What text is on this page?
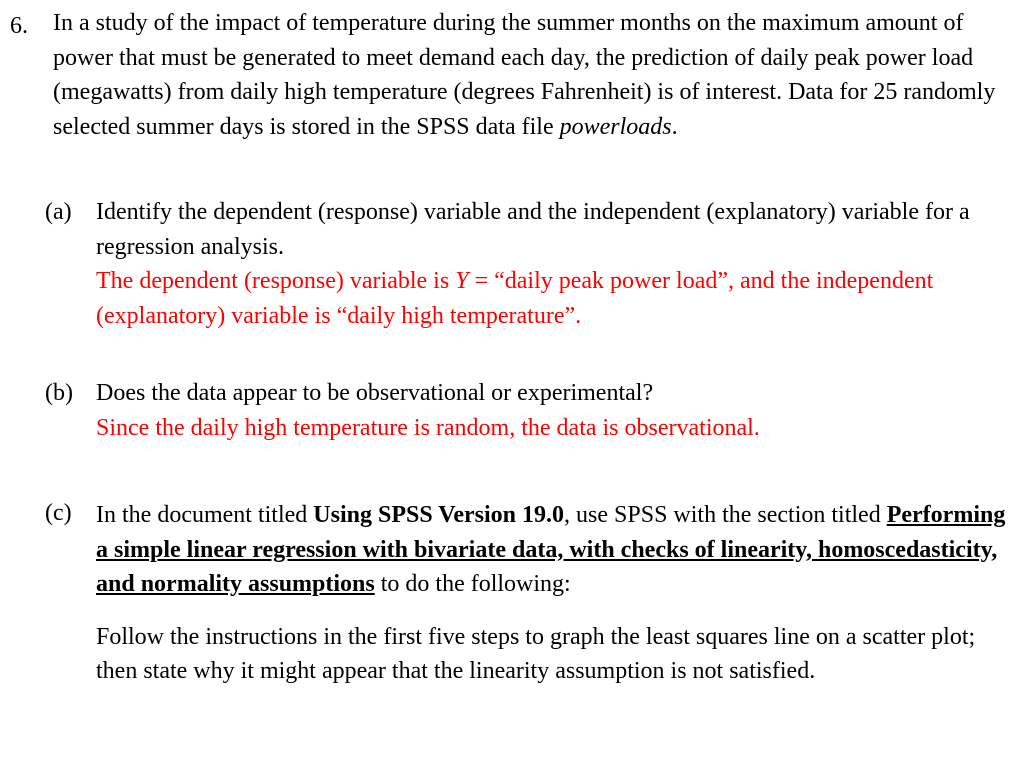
6. In a study of the impact of temperature during the summer months on the maximum amount of power that must be generated to meet demand each day, the prediction of daily peak power load (megawatts) from daily high temperature (degrees Fahrenheit) is of interest. Data for 25 randomly selected summer days is stored in the SPSS data file powerloads.

(a) Identify the dependent (response) variable and the independent (explanatory) variable for a regression analysis.

The dependent (response) variable is Y = “daily peak power load”, and the independent (explanatory) variable is “daily high temperature”.

(b) Does the data appear to be observational or experimental?

Since the daily high temperature is random, the data is observational.

(c) In the document titled Using SPSS Version 19.0, use SPSS with the section titled Performing a simple linear regression with bivariate data, with checks of linearity, homoscedasticity, and normality assumptions to do the following:

Follow the instructions in the first five steps to graph the least squares line on a scatter plot; then state why it might appear that the linearity assumption is not satisfied.
